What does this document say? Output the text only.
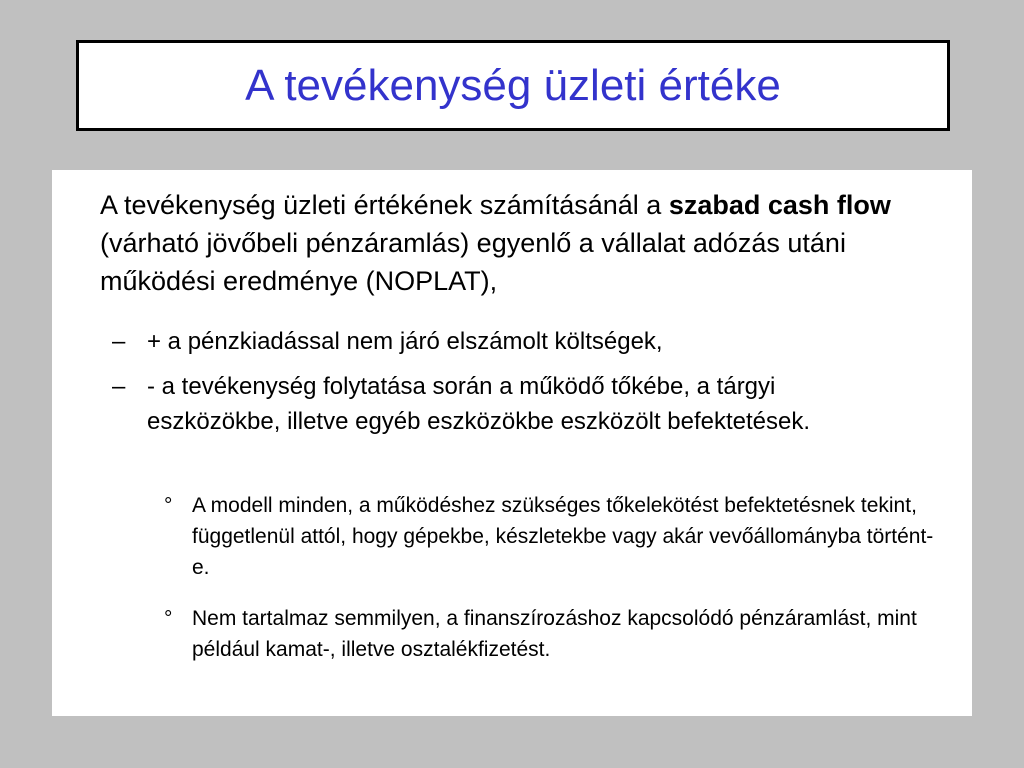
A tevékenység üzleti értéke
A tevékenység üzleti értékének számításánál a szabad cash flow (várható jövőbeli pénzáramlás) egyenlő a vállalat adózás utáni működési eredménye (NOPLAT),
– + a pénzkiadással nem járó elszámolt költségek,
– - a tevékenység folytatása során a működő tőkébe, a tárgyi eszközökbe, illetve egyéb eszközökbe eszközölt befektetések.
° A modell minden, a működéshez szükséges tőkelekötést befektetésnek tekint, függetlenül attól, hogy gépekbe, készletekbe vagy akár vevőállományba történt-e.
° Nem tartalmaz semmilyen, a finanszírozáshoz kapcsolódó pénzáramlást, mint például kamat-, illetve osztalékfizetést.
